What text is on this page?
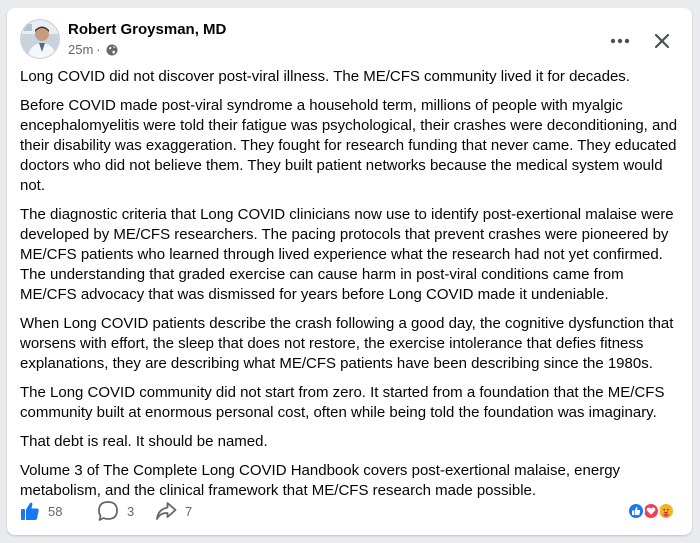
Robert Groysman, MD
25m ·

Long COVID did not discover post-viral illness. The ME/CFS community lived it for decades.

Before COVID made post-viral syndrome a household term, millions of people with myalgic encephalomyelitis were told their fatigue was psychological, their crashes were deconditioning, and their disability was exaggeration. They fought for research funding that never came. They educated doctors who did not believe them. They built patient networks because the medical system would not.

The diagnostic criteria that Long COVID clinicians now use to identify post-exertional malaise were developed by ME/CFS researchers. The pacing protocols that prevent crashes were pioneered by ME/CFS patients who learned through lived experience what the research had not yet confirmed. The understanding that graded exercise can cause harm in post-viral conditions came from ME/CFS advocacy that was dismissed for years before Long COVID made it undeniable.

When Long COVID patients describe the crash following a good day, the cognitive dysfunction that worsens with effort, the sleep that does not restore, the exercise intolerance that defies fitness explanations, they are describing what ME/CFS patients have been describing since the 1980s.

The Long COVID community did not start from zero. It started from a foundation that the ME/CFS community built at enormous personal cost, often while being told the foundation was imaginary.

That debt is real. It should be named.

Volume 3 of The Complete Long COVID Handbook covers post-exertional malaise, energy metabolism, and the clinical framework that ME/CFS research made possible.

58	3	7
